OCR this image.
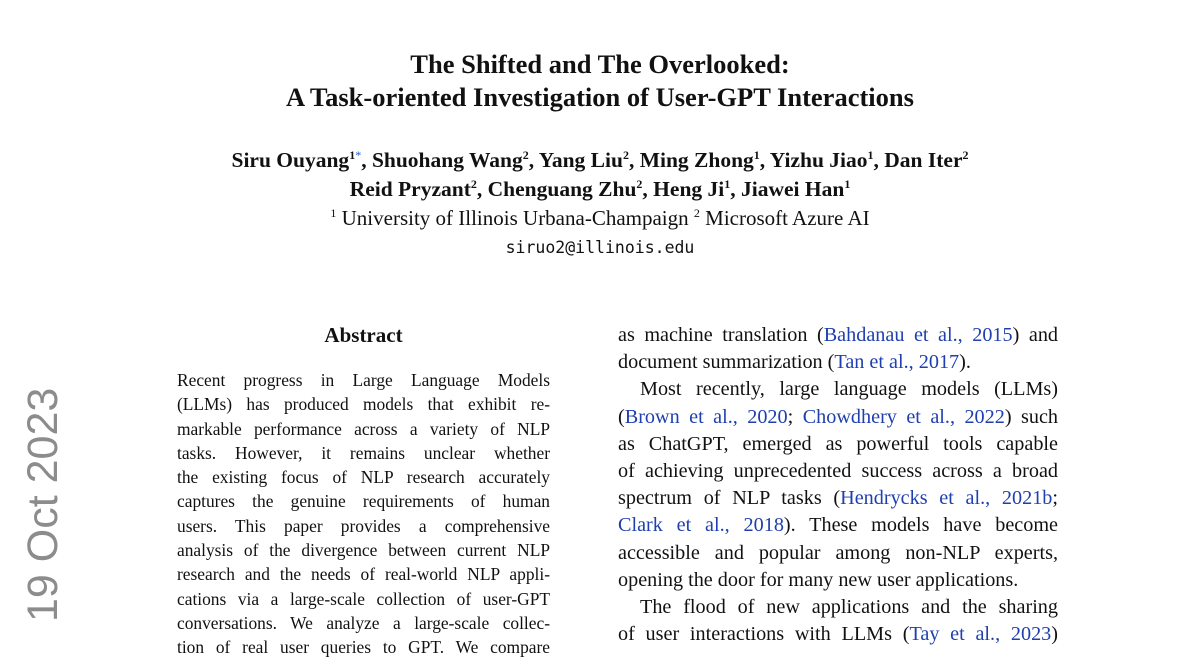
The Shifted and The Overlooked:
A Task-oriented Investigation of User-GPT Interactions
Siru Ouyang$^{1*}$, Shuohang Wang$^2$, Yang Liu$^2$, Ming Zhong$^1$, Yizhu Jiao$^1$, Dan Iter$^2$
Reid Pryzant$^2$, Chenguang Zhu$^2$, Heng Ji$^1$, Jiawei Han$^1$
$^1$ University of Illinois Urbana-Champaign $^2$ Microsoft Azure AI
siruo2@illinois.edu
Abstract
Recent progress in Large Language Models
(LLMs) has produced models that exhibit re-
markable performance across a variety of NLP
tasks. However, it remains unclear whether
the existing focus of NLP research accurately
captures the genuine requirements of human
users. This paper provides a comprehensive
analysis of the divergence between current NLP
research and the needs of real-world NLP appli-
cations via a large-scale collection of user-GPT
conversations. We analyze a large-scale collec-
tion of real user queries to GPT. We compare
as machine translation (Bahdanau et al., 2015) and
document summarization (Tan et al., 2017).
Most recently, large language models (LLMs)
(Brown et al., 2020; Chowdhery et al., 2022) such
as ChatGPT, emerged as powerful tools capable
of achieving unprecedented success across a broad
spectrum of NLP tasks (Hendrycks et al., 2021b;
Clark et al., 2018). These models have become
accessible and popular among non-NLP experts,
opening the door for many new user applications.
The flood of new applications and the sharing
of user interactions with LLMs (Tay et al., 2023)
19 Oct 2023
